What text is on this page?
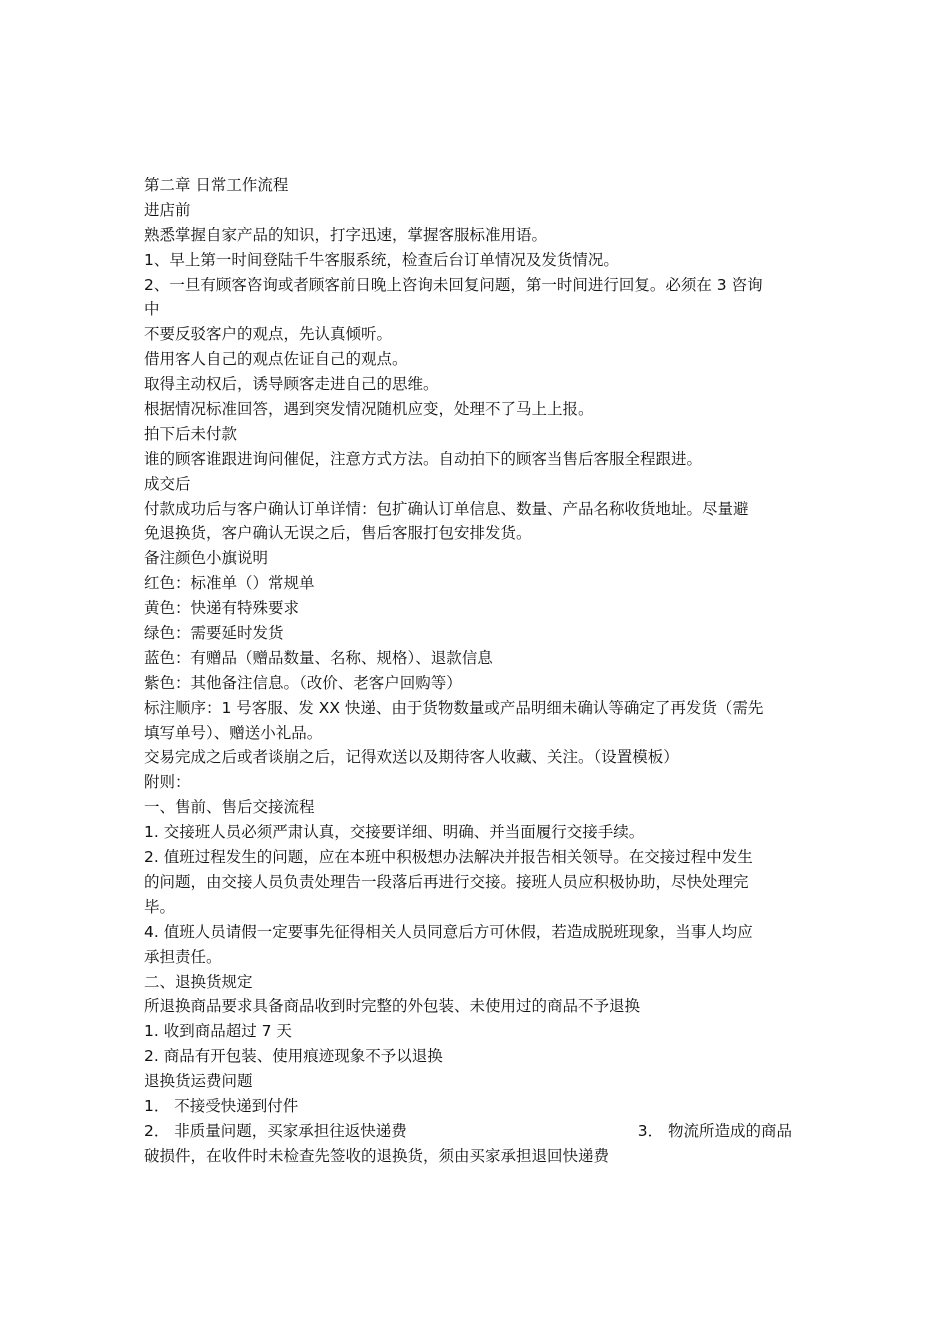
第二章 日常工作流程
进店前
熟悉掌握自家产品的知识，打字迅速，掌握客服标准用语。
1、早上第一时间登陆千牛客服系统，检查后台订单情况及发货情况。
2、一旦有顾客咨询或者顾客前日晚上咨询未回复问题，第一时间进行回复。必须在 3 咨询
中
不要反驳客户的观点，先认真倾听。
借用客人自己的观点佐证自己的观点。
取得主动权后，诱导顾客走进自己的思维。
根据情况标准回答，遇到突发情况随机应变，处理不了马上上报。
拍下后未付款
谁的顾客谁跟进询问催促，注意方式方法。自动拍下的顾客当售后客服全程跟进。
成交后
付款成功后与客户确认订单详情：包扩确认订单信息、数量、产品名称收货地址。尽量避
免退换货，客户确认无误之后，售后客服打包安排发货。
备注颜色小旗说明
红色：标准单（）常规单
黄色：快递有特殊要求
绿色：需要延时发货
蓝色：有赠品（赠品数量、名称、规格）、退款信息
紫色：其他备注信息。（改价、老客户回购等）
标注顺序：1 号客服、发 XX 快递、由于货物数量或产品明细未确认等确定了再发货（需先
填写单号）、赠送小礼品。
交易完成之后或者谈崩之后，记得欢送以及期待客人收藏、关注。（设置模板）
附则：
一、售前、售后交接流程
1. 交接班人员必须严肃认真，交接要详细、明确、并当面履行交接手续。
2. 值班过程发生的问题，应在本班中积极想办法解决并报告相关领导。在交接过程中发生
的问题，由交接人员负责处理告一段落后再进行交接。接班人员应积极协助，尽快处理完
毕。
4. 值班人员请假一定要事先征得相关人员同意后方可休假，若造成脱班现象，当事人均应
承担责任。
二、退换货规定
所退换商品要求具备商品收到时完整的外包装、未使用过的商品不予退换
1. 收到商品超过 7 天
2. 商品有开包装、使用痕迹现象不予以退换
退换货运费问题
1． 不接受快递到付件
2． 非质量问题，买家承担往返快递费	3． 物流所造成的商品
破损件，在收件时未检查先签收的退换货，须由买家承担退回快递费
